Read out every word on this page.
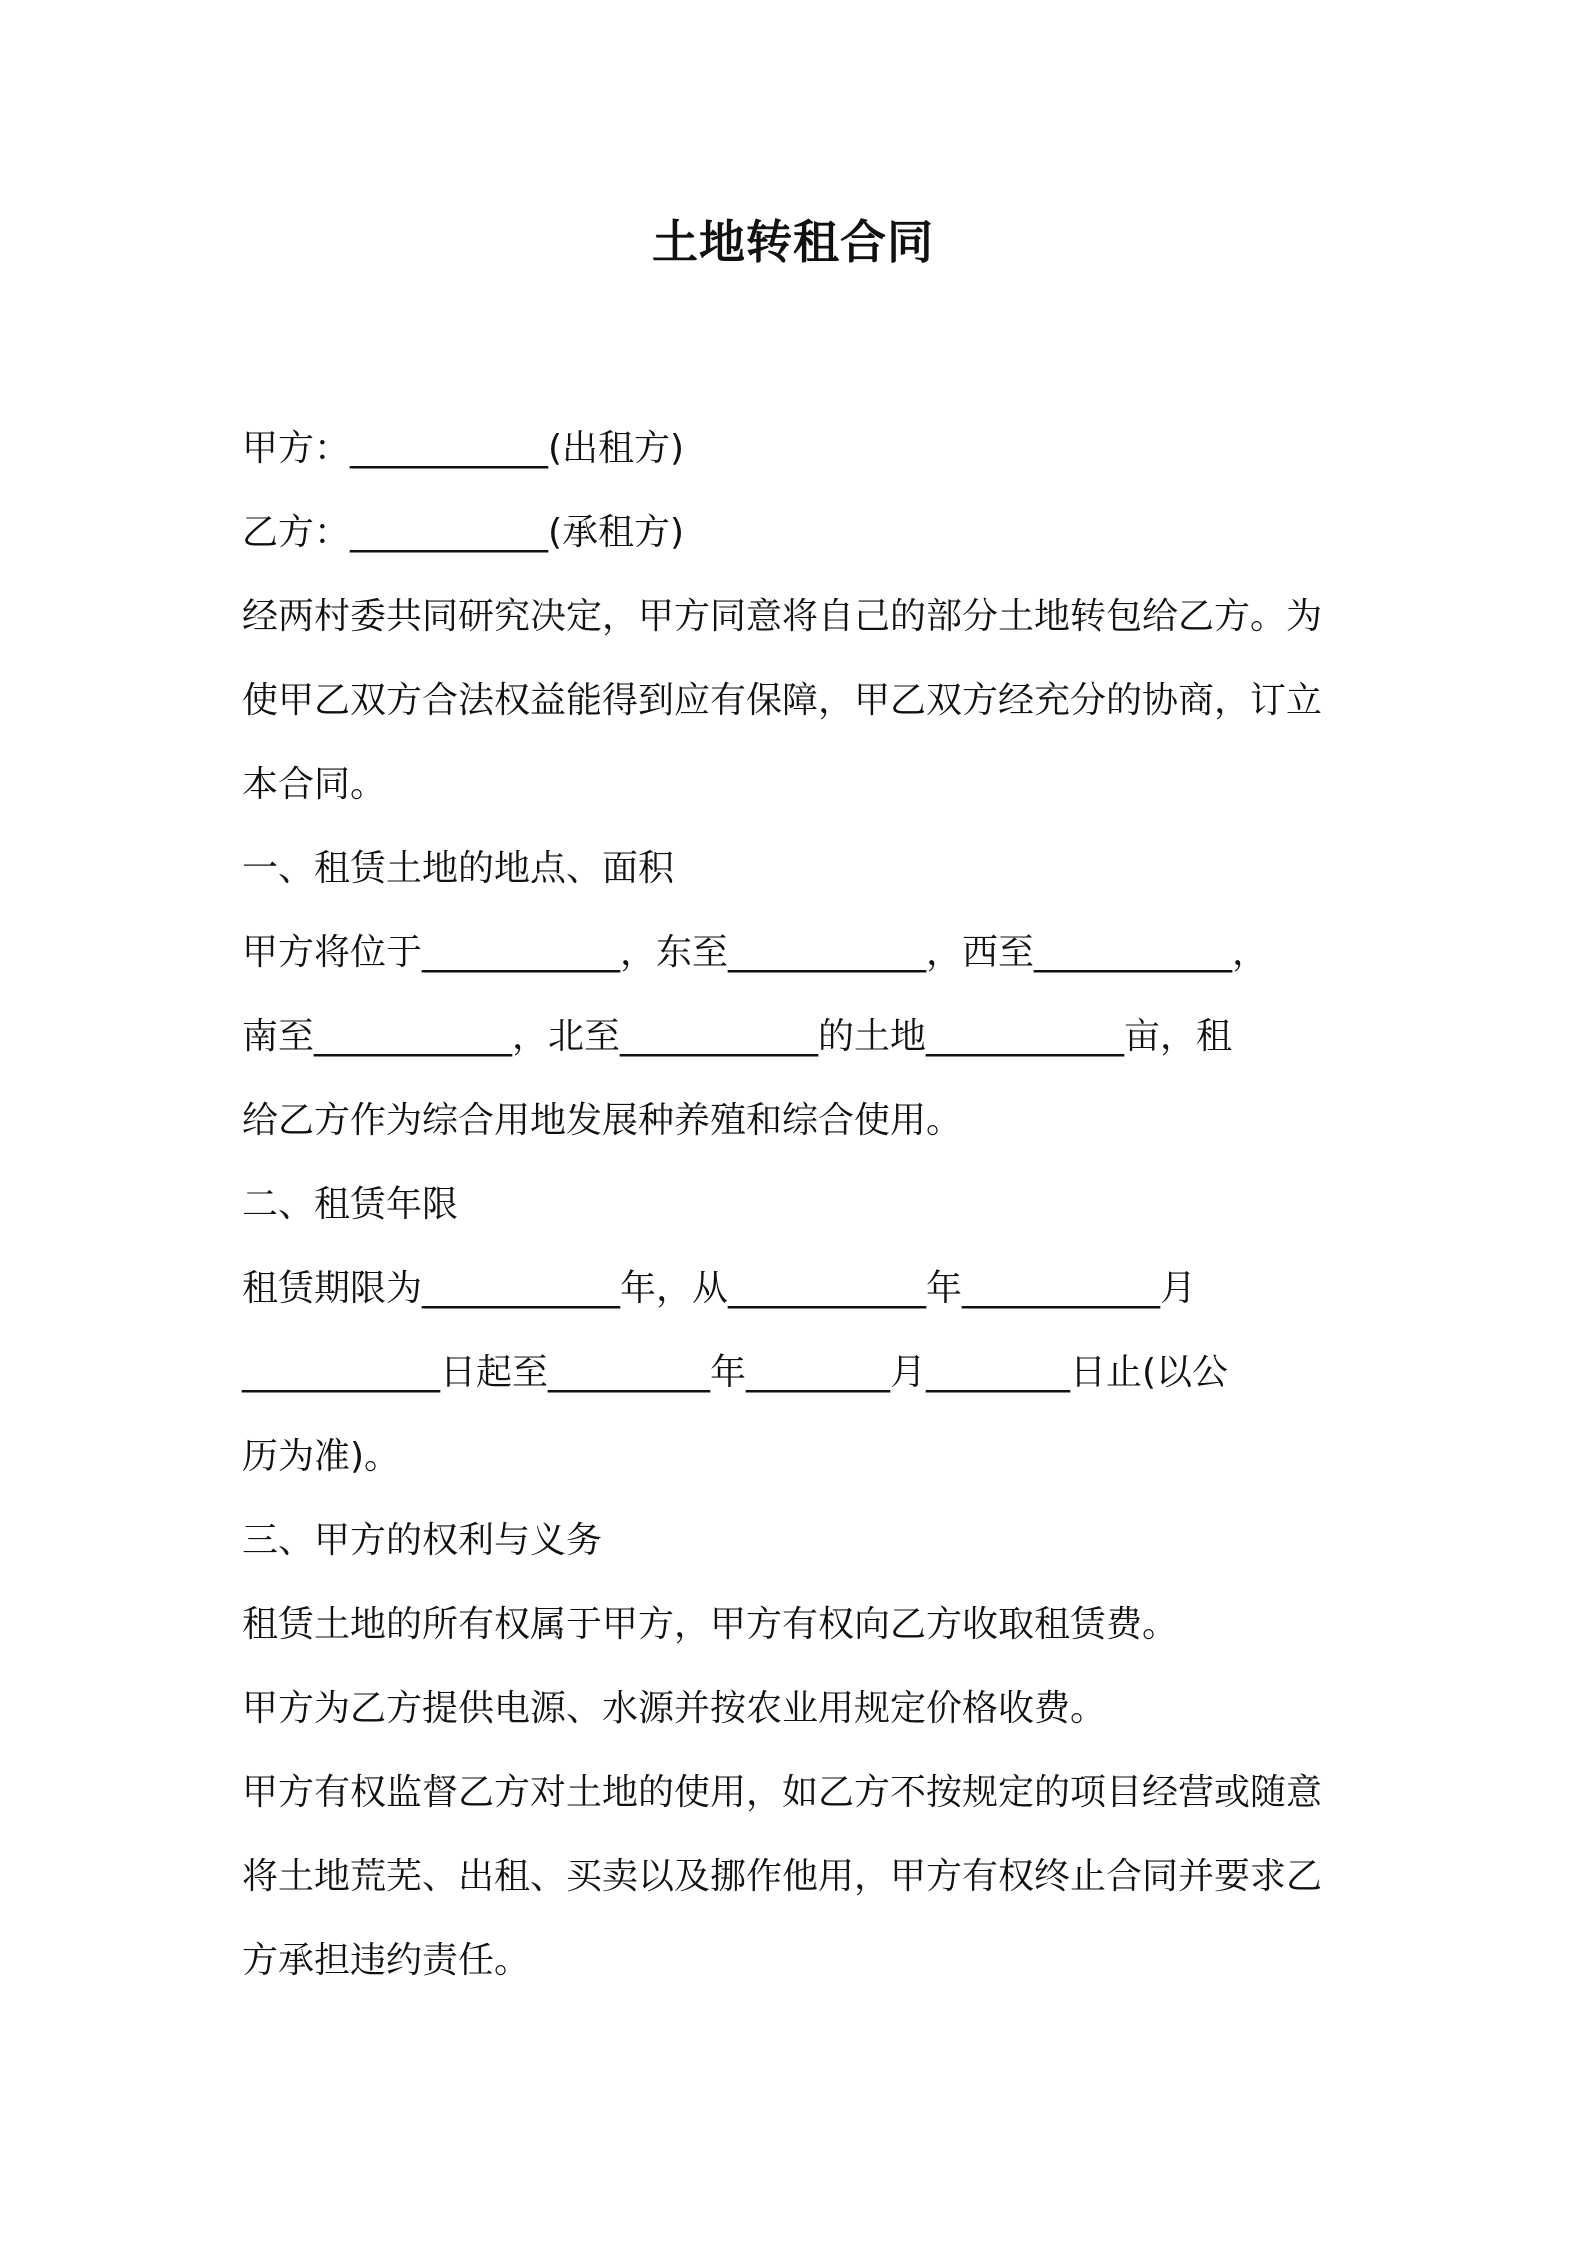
土地转租合同
甲方：___________(出租方)
乙方：___________(承租方)
经两村委共同研究决定，甲方同意将自己的部分土地转包给乙方。为
使甲乙双方合法权益能得到应有保障，甲乙双方经充分的协商，订立
本合同。
一、租赁土地的地点、面积
甲方将位于___________，东至___________，西至___________，
南至___________，北至___________的土地___________亩，租
给乙方作为综合用地发展种养殖和综合使用。
二、租赁年限
租赁期限为___________年，从___________年___________月
___________日起至_________年________月________日止(以公
历为准)。
三、甲方的权利与义务
租赁土地的所有权属于甲方，甲方有权向乙方收取租赁费。
甲方为乙方提供电源、水源并按农业用规定价格收费。
甲方有权监督乙方对土地的使用，如乙方不按规定的项目经营或随意
将土地荒芜、出租、买卖以及挪作他用，甲方有权终止合同并要求乙
方承担违约责任。
